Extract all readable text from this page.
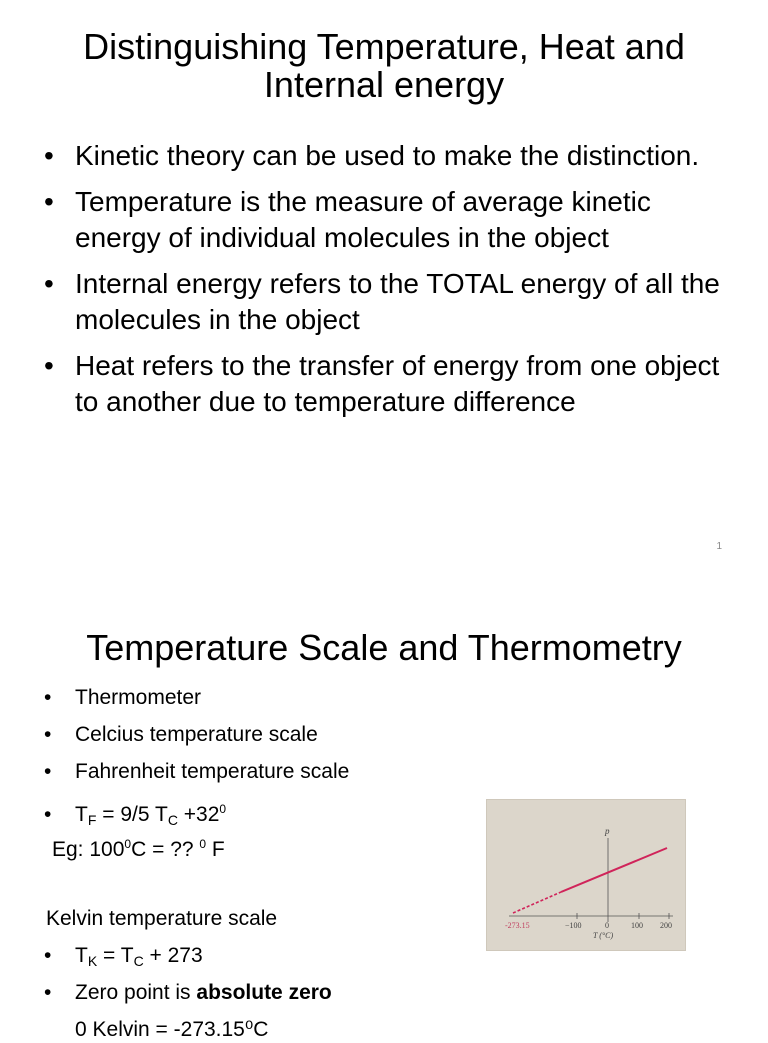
Distinguishing Temperature, Heat and
Internal energy
• Kinetic theory can be used to make the distinction.
• Temperature is the measure of average kinetic energy of individual molecules in the object
• Internal energy refers to the TOTAL energy of all the molecules in the object
• Heat refers to the transfer of energy from one object to another due to temperature difference
1
Temperature Scale and Thermometry
• Thermometer
• Celcius temperature scale
• Fahrenheit temperature scale
• $T_F = 9/5$ $T_C +32^0$
Eg: $100^0C$ = ?? $^0$ F
Kelvin temperature scale
• $T_K = T_C + 273$
• Zero point is absolute zero
0 Kelvin = -273.15⁰C
p
-273.15	−100	0	100 200
T (°C)
